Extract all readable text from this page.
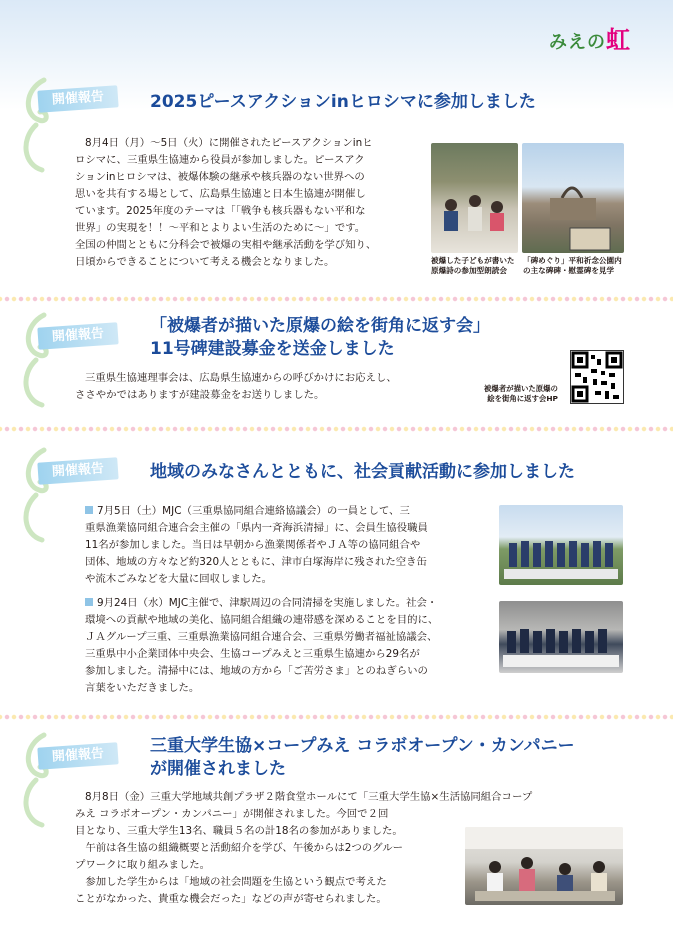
みえの虹
開催報告	2025ピースアクションinヒロシマに参加しました

8月4日（月）〜5日（火）に開催されたピースアクションinヒ

ロシマに、三重県生協連から役員が参加しました。ピースアク

ションinヒロシマは、被爆体験の継承や核兵器のない世界への

思いを共有する場として、広島県生協連と日本生協連が開催し

ています。2025年度のテーマは「「戦争も核兵器もない平和な

世界」の実現を！！〜平和とよりよい生活のために〜」です。

全国の仲間とともに分科会で被爆の実相や継承活動を学び知り、

日頃からできることについて考える機会となりました。	被爆した子どもが書いた
原爆詩の参加型朗読会
「碑めぐり」平和祈念公園内
の主な碑碑・慰霊碑を見学
開催報告	「被爆者が描いた原爆の絵を街角に返す会」
11号碑建設募金を送金しました

三重県生協連理事会は、広島県生協連からの呼びかけにお応えし、

ささやかではありますが建設募金をお送りしました。

被爆者が描いた原爆の
絵を街角に返す会HP
開催報告	地域のみなさんとともに、社会貢献活動に参加しました

7月5日（土）MJC（三重県協同組合連絡協議会）の一員として、三

重県漁業協同組合連合会主催の「県内一斉海浜清掃」に、会員生協役職員

11名が参加しました。当日は早朝から漁業関係者やＪＡ等の協同組合や

団体、地域の方々など約320人とともに、津市白塚海岸に残された空き缶

や流木ごみなどを大量に回収しました。

9月24日（水）MJC主催で、津駅周辺の合同清掃を実施しました。社会・

環境への貢献や地域の美化、協同組合組織の連帯感を深めることを目的に、

ＪＡグループ三重、三重県漁業協同組合連合会、三重県労働者福祉協議会、

三重県中小企業団体中央会、生協コープみえと三重県生協連から29名が

参加しました。清掃中には、地域の方から「ご苦労さま」とのねぎらいの

言葉をいただきました。

開催報告	三重大学生協×コープみえ コラボオープン・カンパニー
が開催されました

8月8日（金）三重大学地域共創プラザ２階食堂ホールにて「三重大学生協×生活協同組合コープ

みえ コラボオープン・カンパニー」が開催されました。今回で２回

目となり、三重大学生13名、職員５名の計18名の参加がありました。

　午前は各生協の組織概要と活動紹介を学び、午後からは2つのグルー

プワークに取り組みました。

　参加した学生からは「地域の社会問題を生協という観点で考えた

ことがなかった、貴重な機会だった」などの声が寄せられました。
